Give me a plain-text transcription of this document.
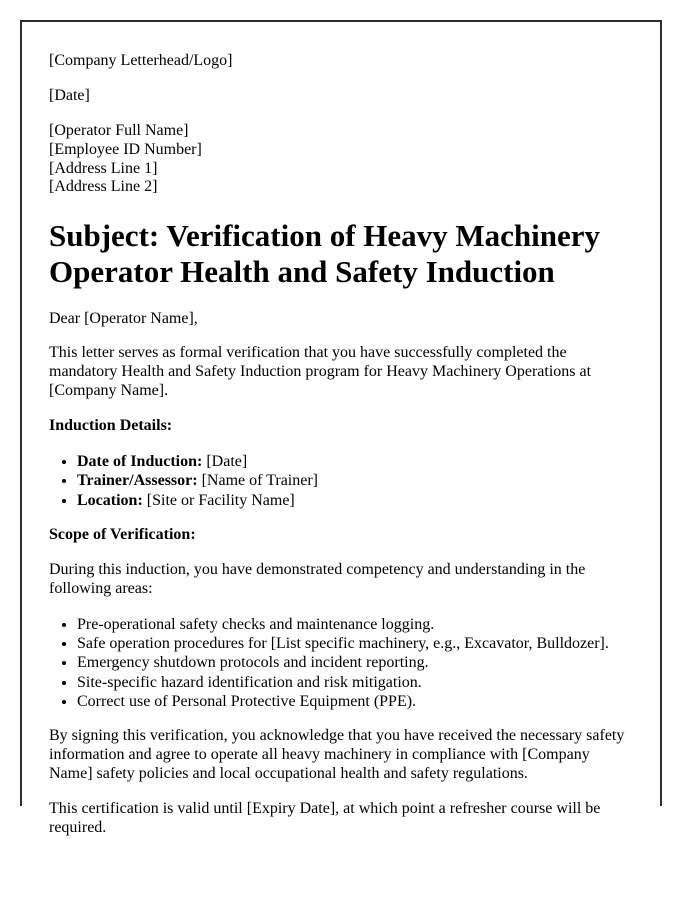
[Company Letterhead/Logo]

[Date]

[Operator Full Name]

[Employee ID Number]

[Address Line 1]

[Address Line 2]

Subject: Verification of Heavy Machinery Operator Health and Safety Induction

Dear [Operator Name],

This letter serves as formal verification that you have successfully completed the mandatory Health and Safety Induction program for Heavy Machinery Operations at [Company Name].

Induction Details:

• Date of Induction: [Date]
• Trainer/Assessor: [Name of Trainer]
• Location: [Site or Facility Name]

Scope of Verification:

During this induction, you have demonstrated competency and understanding in the following areas:

• Pre-operational safety checks and maintenance logging.
• Safe operation procedures for [List specific machinery, e.g., Excavator, Bulldozer].
• Emergency shutdown protocols and incident reporting.
• Site-specific hazard identification and risk mitigation.
• Correct use of Personal Protective Equipment (PPE).

By signing this verification, you acknowledge that you have received the necessary safety information and agree to operate all heavy machinery in compliance with [Company Name] safety policies and local occupational health and safety regulations.

This certification is valid until [Expiry Date], at which point a refresher course will be required.
